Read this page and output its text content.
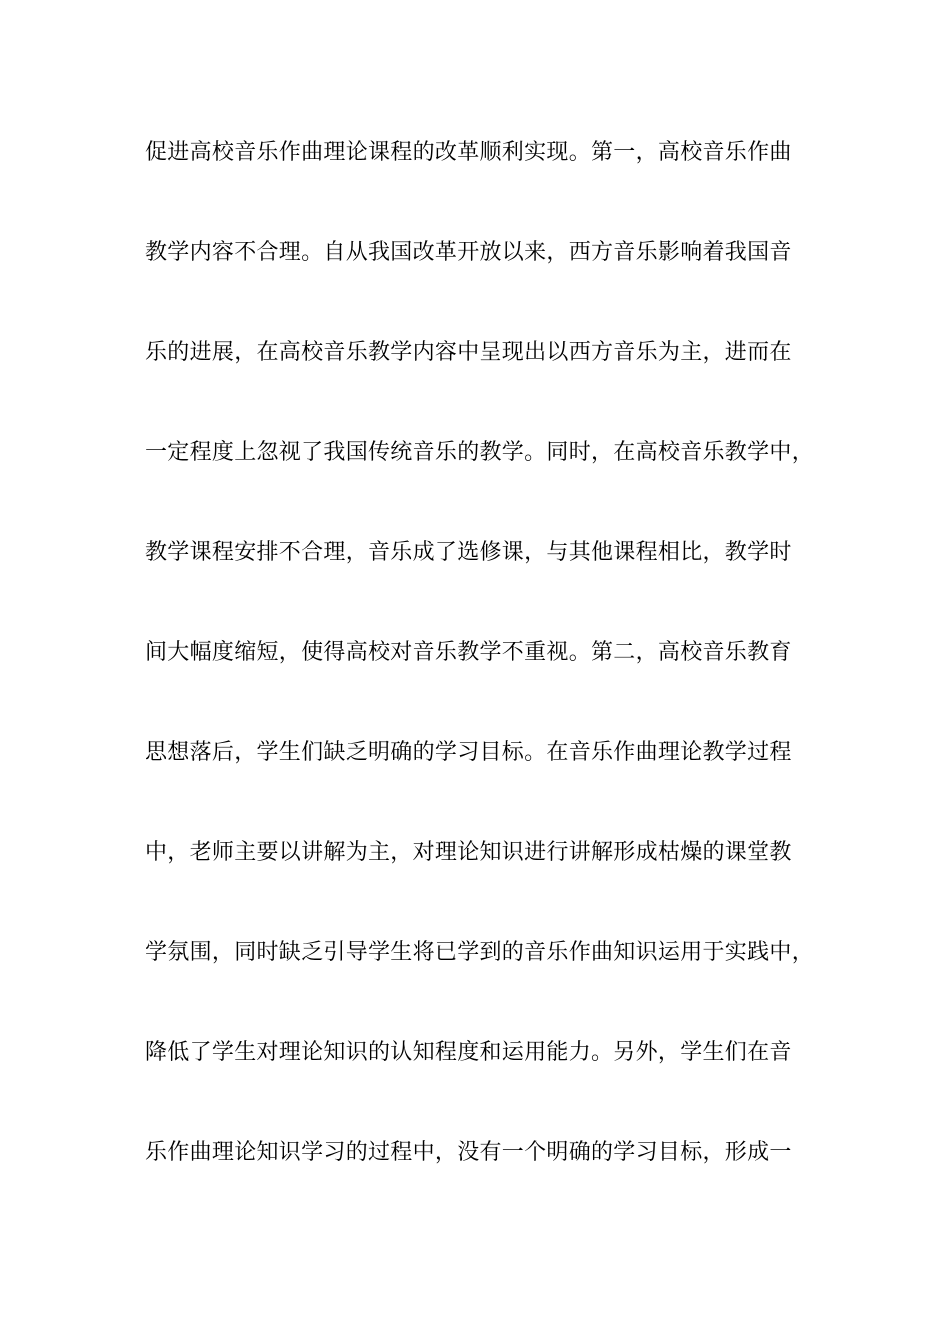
促进高校音乐作曲理论课程的改革顺利实现。第一，高校音乐作曲
教学内容不合理。自从我国改革开放以来，西方音乐影响着我国音
乐的进展，在高校音乐教学内容中呈现出以西方音乐为主，进而在
一定程度上忽视了我国传统音乐的教学。同时，在高校音乐教学中，
教学课程安排不合理，音乐成了选修课，与其他课程相比，教学时
间大幅度缩短，使得高校对音乐教学不重视。第二，高校音乐教育
思想落后，学生们缺乏明确的学习目标。在音乐作曲理论教学过程
中，老师主要以讲解为主，对理论知识进行讲解形成枯燥的课堂教
学氛围，同时缺乏引导学生将已学到的音乐作曲知识运用于实践中，
降低了学生对理论知识的认知程度和运用能力。另外，学生们在音
乐作曲理论知识学习的过程中，没有一个明确的学习目标，形成一
